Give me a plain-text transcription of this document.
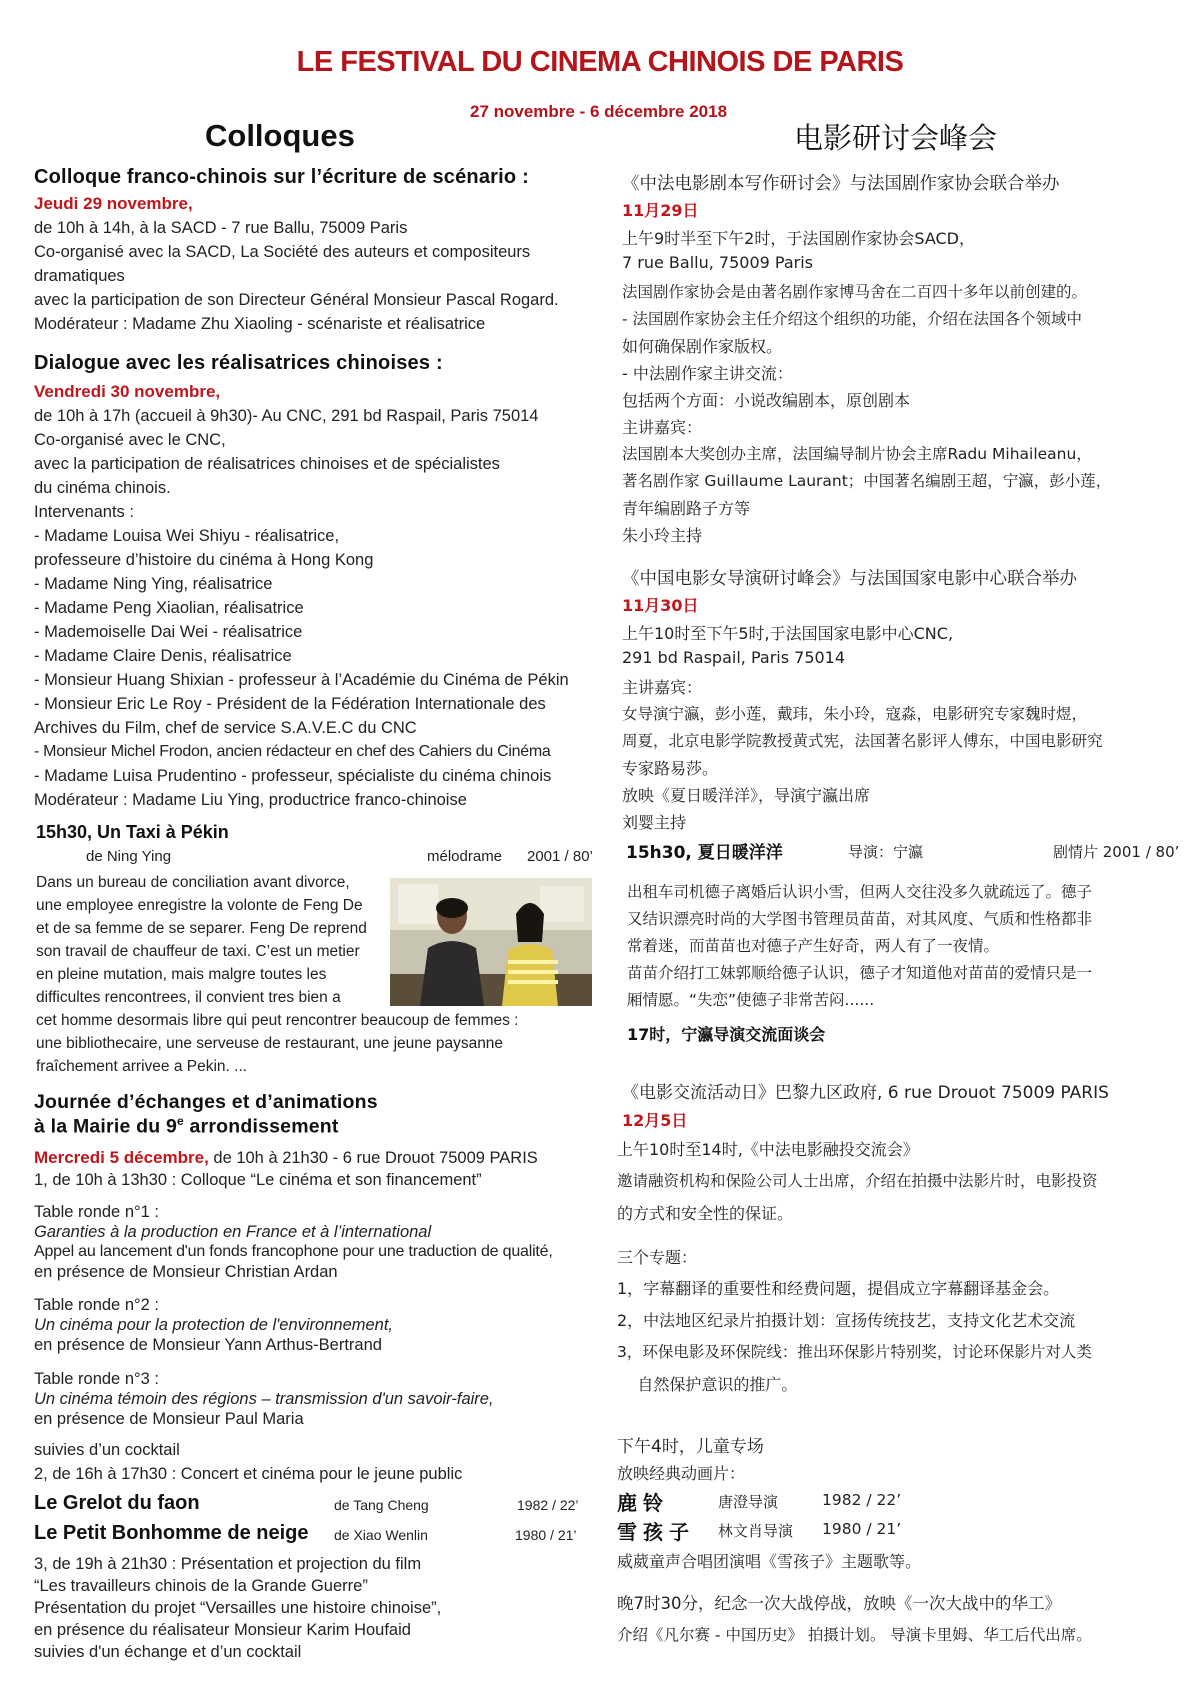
LE FESTIVAL DU CINEMA CHINOIS DE PARIS
27 novembre - 6 décembre 2018
Colloques	电影研讨会峰会
Colloque franco-chinois sur l’écriture de scénario :
Jeudi 29 novembre,
de 10h à 14h, à la SACD - 7 rue Ballu, 75009 Paris
Co-organisé avec la SACD, La Société des auteurs et compositeurs
dramatiques
avec la participation de son Directeur Général Monsieur Pascal Rogard.
Modérateur : Madame Zhu Xiaoling - scénariste et réalisatrice
Dialogue avec les réalisatrices chinoises :
Vendredi 30 novembre,
de 10h à 17h (accueil à 9h30)- Au CNC, 291 bd Raspail, Paris 75014
Co-organisé avec le CNC,
avec la participation de réalisatrices chinoises et de spécialistes
du cinéma chinois.
Intervenants :
- Madame Louisa Wei Shiyu - réalisatrice,
professeure d’histoire du cinéma à Hong Kong
- Madame Ning Ying, réalisatrice
- Madame Peng Xiaolian, réalisatrice
- Mademoiselle Dai Wei - réalisatrice
- Madame Claire Denis, réalisatrice
- Monsieur Huang Shixian - professeur à l’Académie du Cinéma de Pékin
- Monsieur Eric Le Roy - Président de la Fédération Internationale des
Archives du Film, chef de service S.A.V.E.C du CNC
- Monsieur Michel Frodon, ancien rédacteur en chef des Cahiers du Cinéma
- Madame Luisa Prudentino - professeur, spécialiste du cinéma chinois
Modérateur : Madame Liu Ying, productrice franco-chinoise
15h30, Un Taxi à Pékin
de Ning Ying	mélodrame 2001 / 80’
Dans un bureau de conciliation avant divorce,
une employee enregistre la volonte de Feng De
et de sa femme de se separer. Feng De reprend
son travail de chauffeur de taxi. C’est un metier
en pleine mutation, mais malgre toutes les
difficultes rencontrees, il convient tres bien a
cet homme desormais libre qui peut rencontrer beaucoup de femmes :
une bibliothecaire, une serveuse de restaurant, une jeune paysanne
fraîchement arrivee a Pekin. ...
Journée d’échanges et d’animations
à la Mairie du 9e arrondissement
Mercredi 5 décembre, de 10h à 21h30 - 6 rue Drouot 75009 PARIS
1, de 10h à 13h30 : Colloque “Le cinéma et son financement”
Table ronde n°1 :
Garanties à la production en France et à l’international
Appel au lancement d'un fonds francophone pour une traduction de qualité,
en présence de Monsieur Christian Ardan
Table ronde n°2 :
Un cinéma pour la protection de l'environnement,
en présence de Monsieur Yann Arthus-Bertrand
Table ronde n°3 :
Un cinéma témoin des régions – transmission d'un savoir-faire,
en présence de Monsieur Paul Maria
suivies d’un cocktail
2, de 16h à 17h30 : Concert et cinéma pour le jeune public
Le Grelot du faon	de Tang Cheng	1982 / 22’
Le Petit Bonhomme de neige de Xiao Wenlin	1980 / 21’
3, de 19h à 21h30 : Présentation et projection du film
“Les travailleurs chinois de la Grande Guerre”
Présentation du projet “Versailles une histoire chinoise”,
en présence du réalisateur Monsieur Karim Houfaid
suivies d'un échange et d’un cocktail
《中法电影剧本写作研讨会》与法国剧作家协会联合举办
11月29日
上午9时半至下午2时，于法国剧作家协会SACD，
7 rue Ballu, 75009 Paris
法国剧作家协会是由著名剧作家博马舍在二百四十多年以前创建的。
- 法国剧作家协会主任介绍这个组织的功能，介绍在法国各个领域中
如何确保剧作家版权。
- 中法剧作家主讲交流：
包括两个方面：小说改编剧本，原创剧本
主讲嘉宾：
法国剧本大奖创办主席，法国编导制片协会主席Radu Mihaileanu，
著名剧作家 Guillaume Laurant；中国著名编剧王超，宁瀛，彭小莲，
青年编剧路子方等
朱小玲主持
《中国电影女导演研讨峰会》与法国国家电影中心联合举办
11月30日
上午10时至下午5时,于法国国家电影中心CNC,
291 bd Raspail, Paris 75014
主讲嘉宾：
女导演宁瀛，彭小莲，戴玮，朱小玲，寇淼，电影研究专家魏时煜，
周夏，北京电影学院教授黄式宪，法国著名影评人傅东，中国电影研究
专家路易莎。
放映《夏日暖洋洋》，导演宁瀛出席
刘婴主持
15h30, 夏日暖洋洋	导演：宁瀛	剧情片 2001 / 80’
出租车司机德子离婚后认识小雪，但两人交往没多久就疏远了。德子
又结识漂亮时尚的大学图书管理员苗苗，对其风度、气质和性格都非
常着迷，而苗苗也对德子产生好奇，两人有了一夜情。
苗苗介绍打工妹郭顺给德子认识，德子才知道他对苗苗的爱情只是一
厢情愿。“失恋”使德子非常苦闷......
17时，宁瀛导演交流面谈会
《电影交流活动日》巴黎九区政府, 6 rue Drouot 75009 PARIS
12月5日
上午10时至14时,《中法电影融投交流会》
邀请融资机构和保险公司人士出席，介绍在拍摄中法影片时，电影投资
的方式和安全性的保证。
三个专题：
1，字幕翻译的重要性和经费问题，提倡成立字幕翻译基金会。
2，中法地区纪录片拍摄计划：宣扬传统技艺，支持文化艺术交流
3，环保电影及环保院线：推出环保影片特别奖，讨论环保影片对人类
自然保护意识的推广。
下午4时，儿童专场
放映经典动画片：
鹿铃	唐澄导演	1982 / 22’
雪孩子 林文肖导演 1980 / 21’
威葳童声合唱团演唱《雪孩子》主题歌等。
晚7时30分，纪念一次大战停战，放映《一次大战中的华工》
介绍《凡尔赛 - 中国历史》 拍摄计划。 导演卡里姆、华工后代出席。
